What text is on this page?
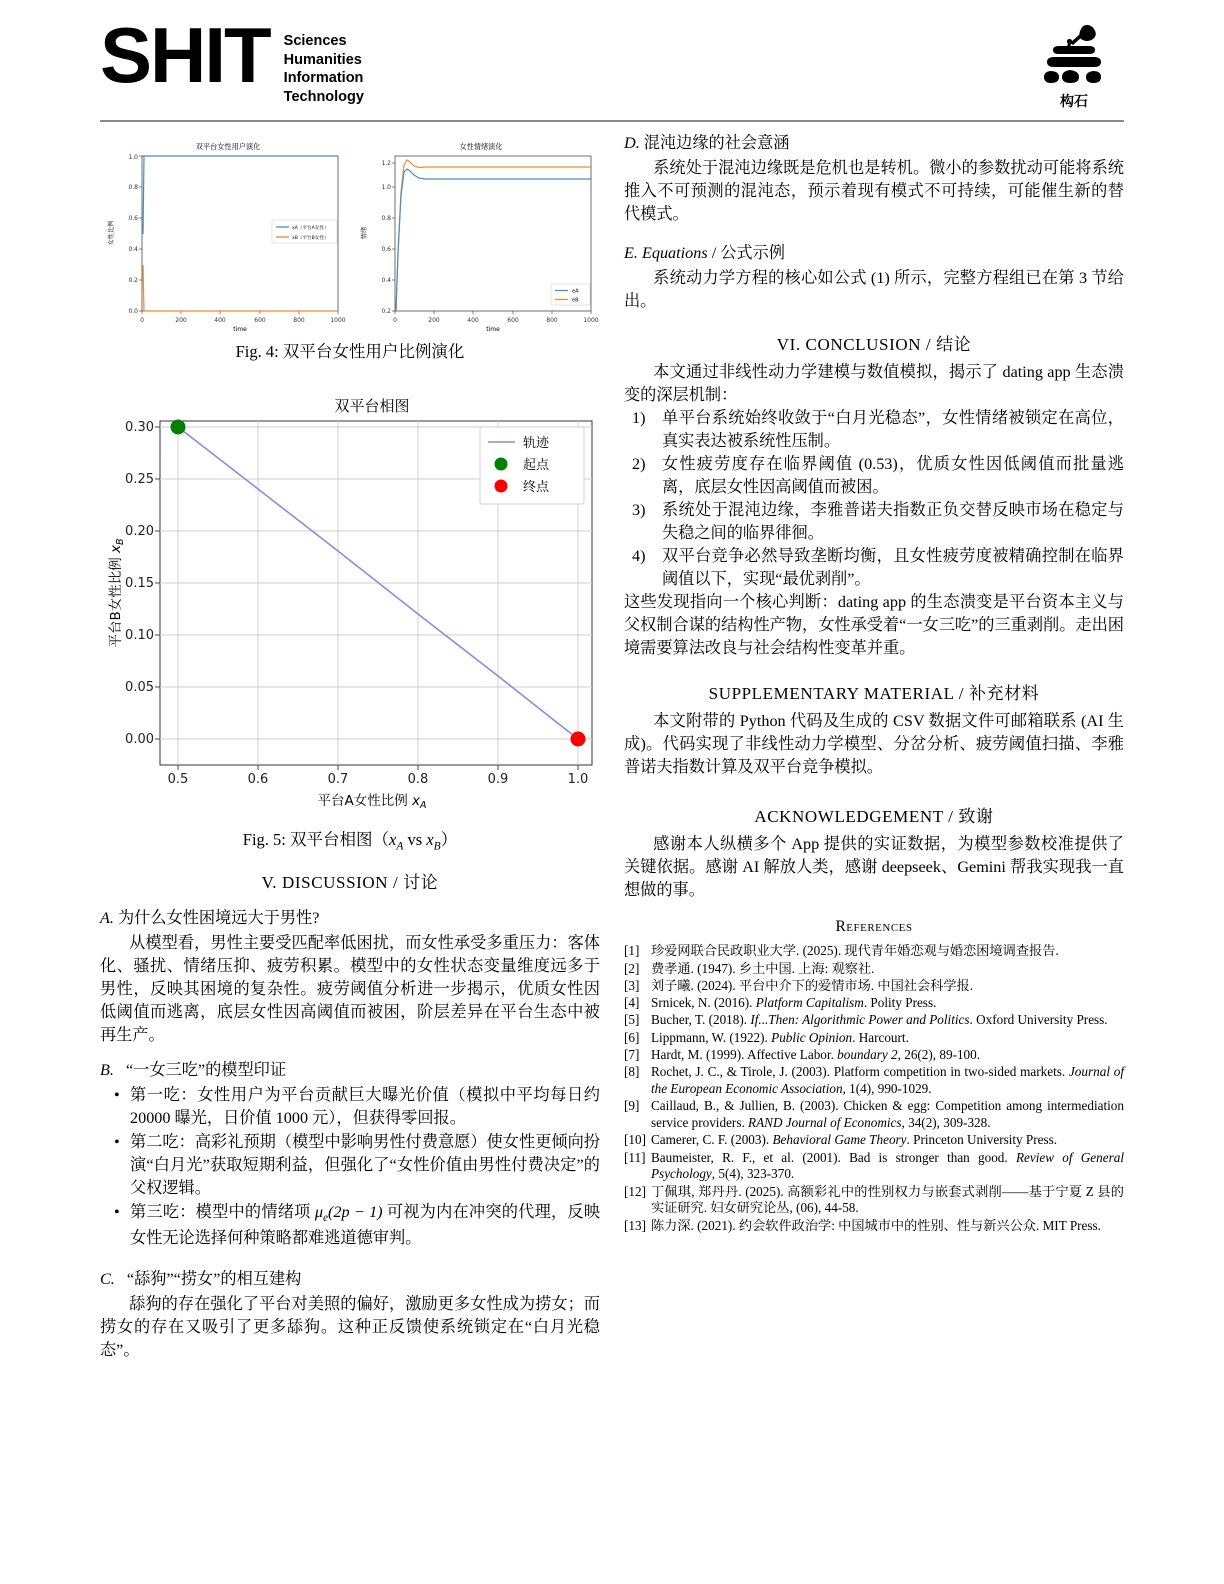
SHIT Sciences
Humanities
Information
Technology	构石
双平台女性用户演化
0.0
0.2
0.4
0.6
0.8
1.0
0	200	400	600	800	1000
女性比例
time
xA（平台A女性）
xB（平台B女性）
女性情绪演化
0.2
0.4
0.6
0.8
1.0
1.2
0	200	400	600	800	1000
情绪
time
eA
eB
Fig. 4: 双平台女性用户比例演化
双平台相图
0.00
0.05
0.10
0.15
0.20
0.25
0.30
0.5	0.6	0.7	0.8	0.9	1.0
平台B女性比例 $x_B$
平台A女性比例 $x_A$
轨迹
起点
终点
Fig. 5: 双平台相图（$x_A$ vs $x_B$）
V. DISCUSSION / 讨论
A. 为什么女性困境远大于男性?

从模型看，男性主要受匹配率低困扰，而女性承受多重压力：客体化、骚扰、情绪压抑、疲劳积累。模型中的女性状态变量维度远多于男性，反映其困境的复杂性。疲劳阈值分析进一步揭示，优质女性因低阈值而逃离，底层女性因高阈值而被困，阶层差异在平台生态中被再生产。

B. “一女三吃”的模型印证
• 第一吃：女性用户为平台贡献巨大曝光价值（模拟中平均每日约 20000 曝光，日价值 1000 元），但获得零回报。
• 第二吃：高彩礼预期（模型中影响男性付费意愿）使女性更倾向扮演“白月光”获取短期利益，但强化了“女性价值由男性付费决定”的父权逻辑。
• 第三吃：模型中的情绪项 $\mu_e(2p - 1)$ 可视为内在冲突的代理，反映女性无论选择何种策略都难逃道德审判。
C. “舔狗”“捞女”的相互建构

舔狗的存在强化了平台对美照的偏好，激励更多女性成为捞女；而捞女的存在又吸引了更多舔狗。这种正反馈使系统锁定在“白月光稳态”。

D. 混沌边缘的社会意涵

系统处于混沌边缘既是危机也是转机。微小的参数扰动可能将系统推入不可预测的混沌态，预示着现有模式不可持续，可能催生新的替代模式。

E. Equations / 公式示例

系统动力学方程的核心如公式 (1) 所示，完整方程组已在第 3 节给出。

VI. CONCLUSION / 结论

本文通过非线性动力学建模与数值模拟，揭示了 dating app 生态溃变的深层机制：

单平台系统始终收敛于“白月光稳态”，女性情绪被锁定在高位，真实表达被系统性压制。
女性疲劳度存在临界阈值 (0.53)，优质女性因低阈值而批量逃离，底层女性因高阈值而被困。
系统处于混沌边缘，李雅普诺夫指数正负交替反映市场在稳定与失稳之间的临界徘徊。
双平台竞争必然导致垄断均衡，且女性疲劳度被精确控制在临界阈值以下，实现“最优剥削”。

这些发现指向一个核心判断：dating app 的生态溃变是平台资本主义与父权制合谋的结构性产物，女性承受着“一女三吃”的三重剥削。走出困境需要算法改良与社会结构性变革并重。

SUPPLEMENTARY MATERIAL / 补充材料

本文附带的 Python 代码及生成的 CSV 数据文件可邮箱联系 (AI 生成)。代码实现了非线性动力学模型、分岔分析、疲劳阈值扫描、李雅普诺夫指数计算及双平台竞争模拟。

ACKNOWLEDGEMENT / 致谢

感谢本人纵横多个 App 提供的实证数据，为模型参数校准提供了关键依据。感谢 AI 解放人类，感谢 deepseek、Gemini 帮我实现我一直想做的事。

References
[1] 珍爱网联合民政职业大学. (2025). 现代青年婚恋观与婚恋困境调查报告.
[2] 费孝通. (1947). 乡土中国. 上海: 观察社.
[3] 刘子曦. (2024). 平台中介下的爱情市场. 中国社会科学报.
[4] Srnicek, N. (2016). Platform Capitalism. Polity Press.
[5] Bucher, T. (2018). If...Then: Algorithmic Power and Politics. Oxford University Press.
[6] Lippmann, W. (1922). Public Opinion. Harcourt.
[7] Hardt, M. (1999). Affective Labor. boundary 2, 26(2), 89-100.
[8] Rochet, J. C., & Tirole, J. (2003). Platform competition in two-sided markets. Journal of the European Economic Association, 1(4), 990-1029.
[9] Caillaud, B., & Jullien, B. (2003). Chicken & egg: Competition among intermediation service providers. RAND Journal of Economics, 34(2), 309-328.
[10] Camerer, C. F. (2003). Behavioral Game Theory. Princeton University Press.
[11] Baumeister, R. F., et al. (2001). Bad is stronger than good. Review of General Psychology, 5(4), 323-370.
[12] 丁佩琪, 郑丹丹. (2025). 高额彩礼中的性别权力与嵌套式剥削——基于宁夏 Z 县的实证研究. 妇女研究论丛, (06), 44-58.
[13] 陈力深. (2021). 约会软件政治学: 中国城市中的性别、性与新兴公众. MIT Press.
